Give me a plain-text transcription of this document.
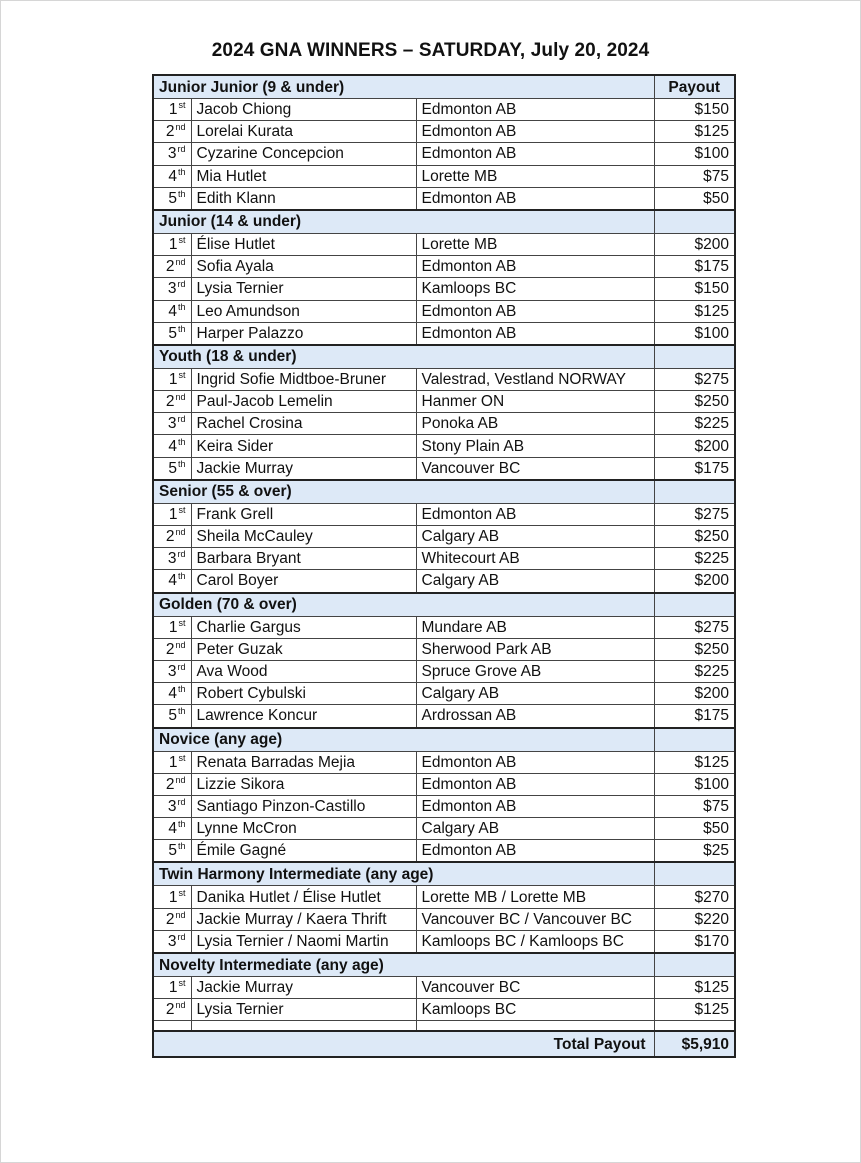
2024 GNA WINNERS – SATURDAY, July 20, 2024
Junior Junior (9 & under)			Payout
1st	Jacob Chiong	Edmonton AB	$150
2nd	Lorelai Kurata	Edmonton AB	$125
3rd	Cyzarine Concepcion	Edmonton AB	$100
4th	Mia Hutlet	Lorette MB	$75
5th	Edith Klann	Edmonton AB	$50
Junior (14 & under)			
1st	Élise Hutlet	Lorette MB	$200
2nd	Sofia Ayala	Edmonton AB	$175
3rd	Lysia Ternier	Kamloops BC	$150
4th	Leo Amundson	Edmonton AB	$125
5th	Harper Palazzo	Edmonton AB	$100
Youth (18 & under)			
1st	Ingrid Sofie Midtboe-Bruner	Valestrad, Vestland NORWAY	$275
2nd	Paul-Jacob Lemelin	Hanmer ON	$250
3rd	Rachel Crosina	Ponoka AB	$225
4th	Keira Sider	Stony Plain AB	$200
5th	Jackie Murray	Vancouver BC	$175
Senior (55 & over)			
1st	Frank Grell	Edmonton AB	$275
2nd	Sheila McCauley	Calgary AB	$250
3rd	Barbara Bryant	Whitecourt AB	$225
4th	Carol Boyer	Calgary AB	$200
Golden (70 & over)			
1st	Charlie Gargus	Mundare AB	$275
2nd	Peter Guzak	Sherwood Park AB	$250
3rd	Ava Wood	Spruce Grove AB	$225
4th	Robert Cybulski	Calgary AB	$200
5th	Lawrence Koncur	Ardrossan AB	$175
Novice (any age)			
1st	Renata Barradas Mejia	Edmonton AB	$125
2nd	Lizzie Sikora	Edmonton AB	$100
3rd	Santiago Pinzon-Castillo	Edmonton AB	$75
4th	Lynne McCron	Calgary AB	$50
5th	Émile Gagné	Edmonton AB	$25
Twin Harmony Intermediate (any age)			
1st	Danika Hutlet / Élise Hutlet	Lorette MB / Lorette MB	$270
2nd	Jackie Murray / Kaera Thrift	Vancouver BC / Vancouver BC	$220
3rd	Lysia Ternier / Naomi Martin	Kamloops BC / Kamloops BC	$170
Novelty Intermediate (any age)			
1st	Jackie Murray	Vancouver BC	$125
2nd	Lysia Ternier	Kamloops BC	$125

Total Payout			$5,910
